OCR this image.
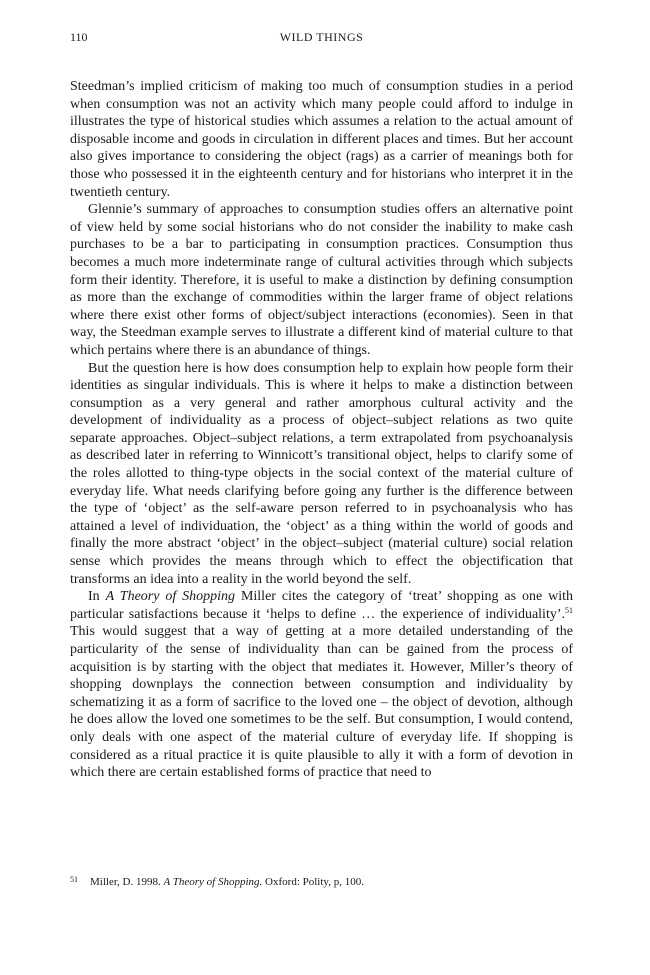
110	WILD THINGS

Steedman’s implied criticism of making too much of consumption studies in a period when consumption was not an activity which many people could afford to indulge in illustrates the type of historical studies which assumes a relation to the actual amount of disposable income and goods in circulation in different places and times. But her account also gives importance to considering the object (rags) as a carrier of meanings both for those who possessed it in the eighteenth century and for historians who interpret it in the twentieth century.

Glennie’s summary of approaches to consumption studies offers an alternative point of view held by some social historians who do not consider the inability to make cash purchases to be a bar to participating in consumption practices. Consumption thus becomes a much more indeterminate range of cultural activities through which subjects form their identity. Therefore, it is useful to make a distinction by defining consumption as more than the exchange of commodities within the larger frame of object relations where there exist other forms of object/subject interactions (economies). Seen in that way, the Steedman example serves to illustrate a different kind of material culture to that which pertains where there is an abundance of things.

But the question here is how does consumption help to explain how people form their identities as singular individuals. This is where it helps to make a distinction between consumption as a very general and rather amorphous cultural activity and the development of individuality as a process of object–subject relations as two quite separate approaches. Object–subject relations, a term extrapolated from psychoanalysis as described later in referring to Winnicott’s transitional object, helps to clarify some of the roles allotted to thing-type objects in the social context of the material culture of everyday life. What needs clarifying before going any further is the difference between the type of ‘object’ as the self-aware person referred to in psychoanalysis who has attained a level of individuation, the ‘object’ as a thing within the world of goods and finally the more abstract ‘object’ in the object–subject (material culture) social relation sense which provides the means through which to effect the objectification that transforms an idea into a reality in the world beyond the self.

In A Theory of Shopping Miller cites the category of ‘treat’ shopping as one with particular satisfactions because it ‘helps to define … the experience of individuality’.$^{51}$ This would suggest that a way of getting at a more detailed understanding of the particularity of the sense of individuality than can be gained from the process of acquisition is by starting with the object that mediates it. However, Miller’s theory of shopping downplays the connection between consumption and individuality by schematizing it as a form of sacrifice to the loved one – the object of devotion, although he does allow the loved one sometimes to be the self. But consumption, I would contend, only deals with one aspect of the material culture of everyday life. If shopping is considered as a ritual practice it is quite plausible to ally it with a form of devotion in which there are certain established forms of practice that need to

51 Miller, D. 1998. A Theory of Shopping. Oxford: Polity, p, 100.
